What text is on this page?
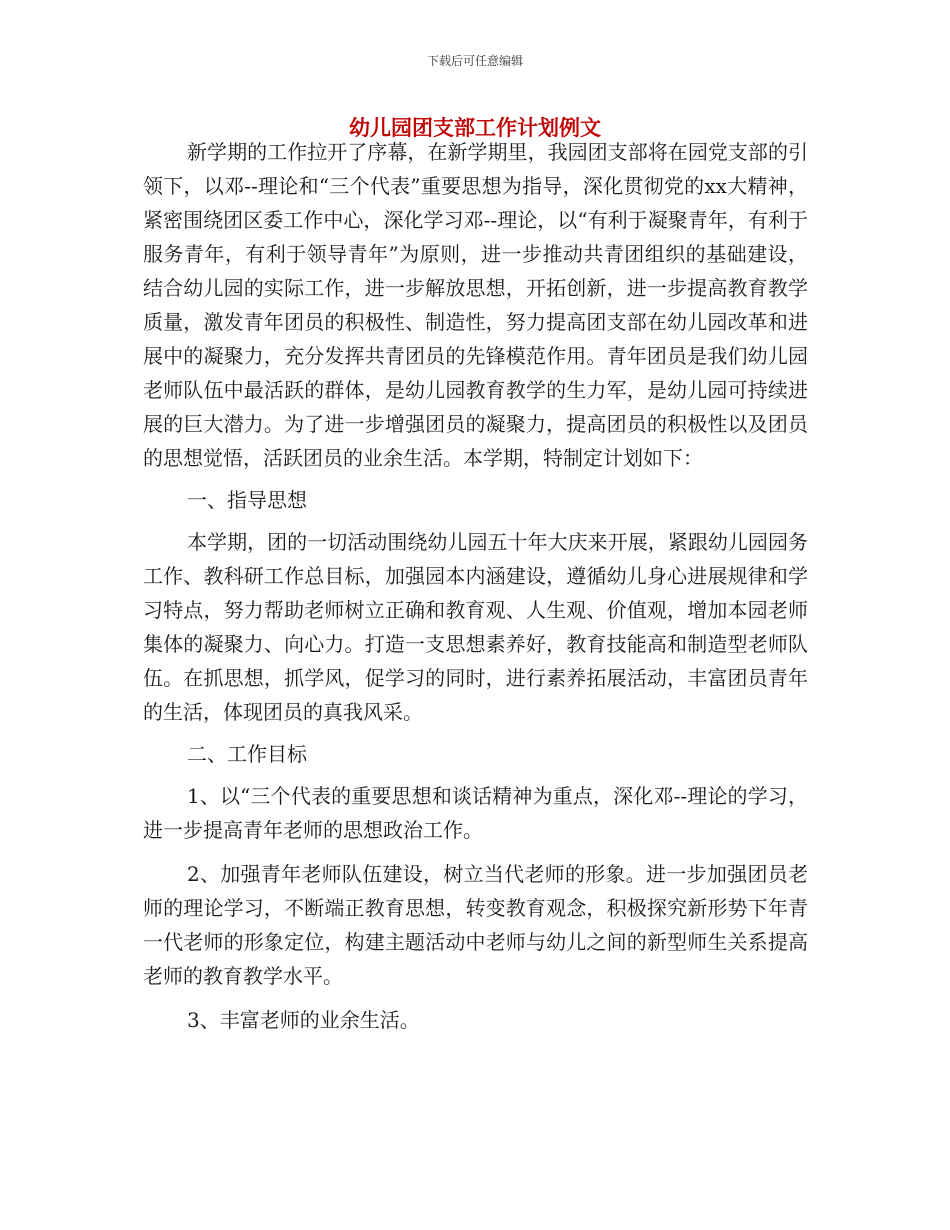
下载后可任意编辑
幼儿园团支部工作计划例文

新学期的工作拉开了序幕，在新学期里，我园团支部将在园党支部的引领下，以邓--理论和“三个代表”重要思想为指导，深化贯彻党的xx大精神，紧密围绕团区委工作中心，深化学习邓--理论，以“有利于凝聚青年，有利于服务青年，有利于领导青年”为原则，进一步推动共青团组织的基础建设，结合幼儿园的实际工作，进一步解放思想，开拓创新，进一步提高教育教学质量，激发青年团员的积极性、制造性，努力提高团支部在幼儿园改革和进展中的凝聚力，充分发挥共青团员的先锋模范作用。青年团员是我们幼儿园老师队伍中最活跃的群体，是幼儿园教育教学的生力军，是幼儿园可持续进展的巨大潜力。为了进一步增强团员的凝聚力，提高团员的积极性以及团员的思想觉悟，活跃团员的业余生活。本学期，特制定计划如下：

一、指导思想

本学期，团的一切活动围绕幼儿园五十年大庆来开展，紧跟幼儿园园务工作、教科研工作总目标，加强园本内涵建设，遵循幼儿身心进展规律和学习特点，努力帮助老师树立正确和教育观、人生观、价值观，增加本园老师集体的凝聚力、向心力。打造一支思想素养好，教育技能高和制造型老师队伍。在抓思想，抓学风，促学习的同时，进行素养拓展活动，丰富团员青年的生活，体现团员的真我风采。

二、工作目标

1、以“三个代表的重要思想和谈话精神为重点，深化邓--理论的学习，进一步提高青年老师的思想政治工作。

2、加强青年老师队伍建设，树立当代老师的形象。进一步加强团员老师的理论学习，不断端正教育思想，转变教育观念，积极探究新形势下年青一代老师的形象定位，构建主题活动中老师与幼儿之间的新型师生关系提高老师的教育教学水平。

3、丰富老师的业余生活。
